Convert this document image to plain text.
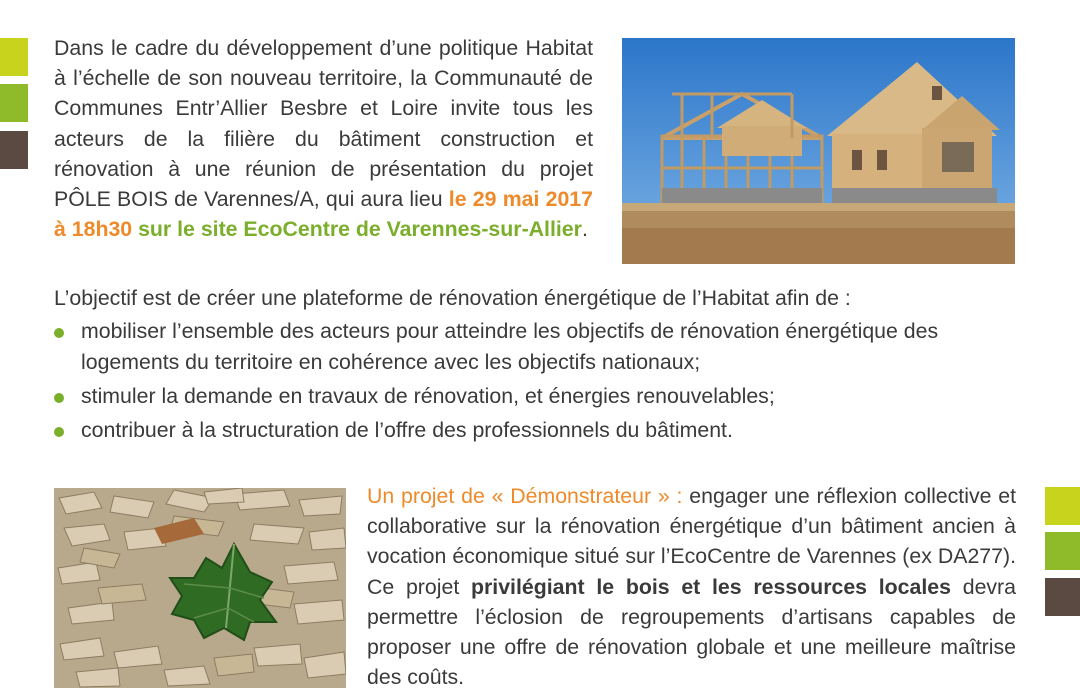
Dans le cadre du développement d’une politique Habitat à l’échelle de son nouveau territoire, la Communauté de Communes Entr’Allier Besbre et Loire invite tous les acteurs de la filière du bâtiment construction et rénovation à une réunion de présentation du projet PÔLE BOIS de Varennes/A, qui aura lieu le 29 mai 2017 à 18h30 sur le site EcoCentre de Varennes-sur-Allier.

L’objectif est de créer une plateforme de rénovation énergétique de l’Habitat afin de :

mobiliser l’ensemble des acteurs pour atteindre les objectifs de rénovation énergétique des logements du territoire en cohérence avec les objectifs nationaux;
stimuler la demande en travaux de rénovation, et énergies renouvelables;
contribuer à la structuration de l’offre des professionnels du bâtiment.

Un projet de « Démonstrateur » : engager une réflexion collective et collaborative sur la rénovation énergétique d’un bâtiment ancien à vocation économique situé sur l’EcoCentre de Varennes (ex DA277). Ce projet privilégiant le bois et les ressources locales devra permettre l’éclosion de regroupements d’artisans capables de proposer une offre de rénovation globale et une meilleure maîtrise des coûts.
